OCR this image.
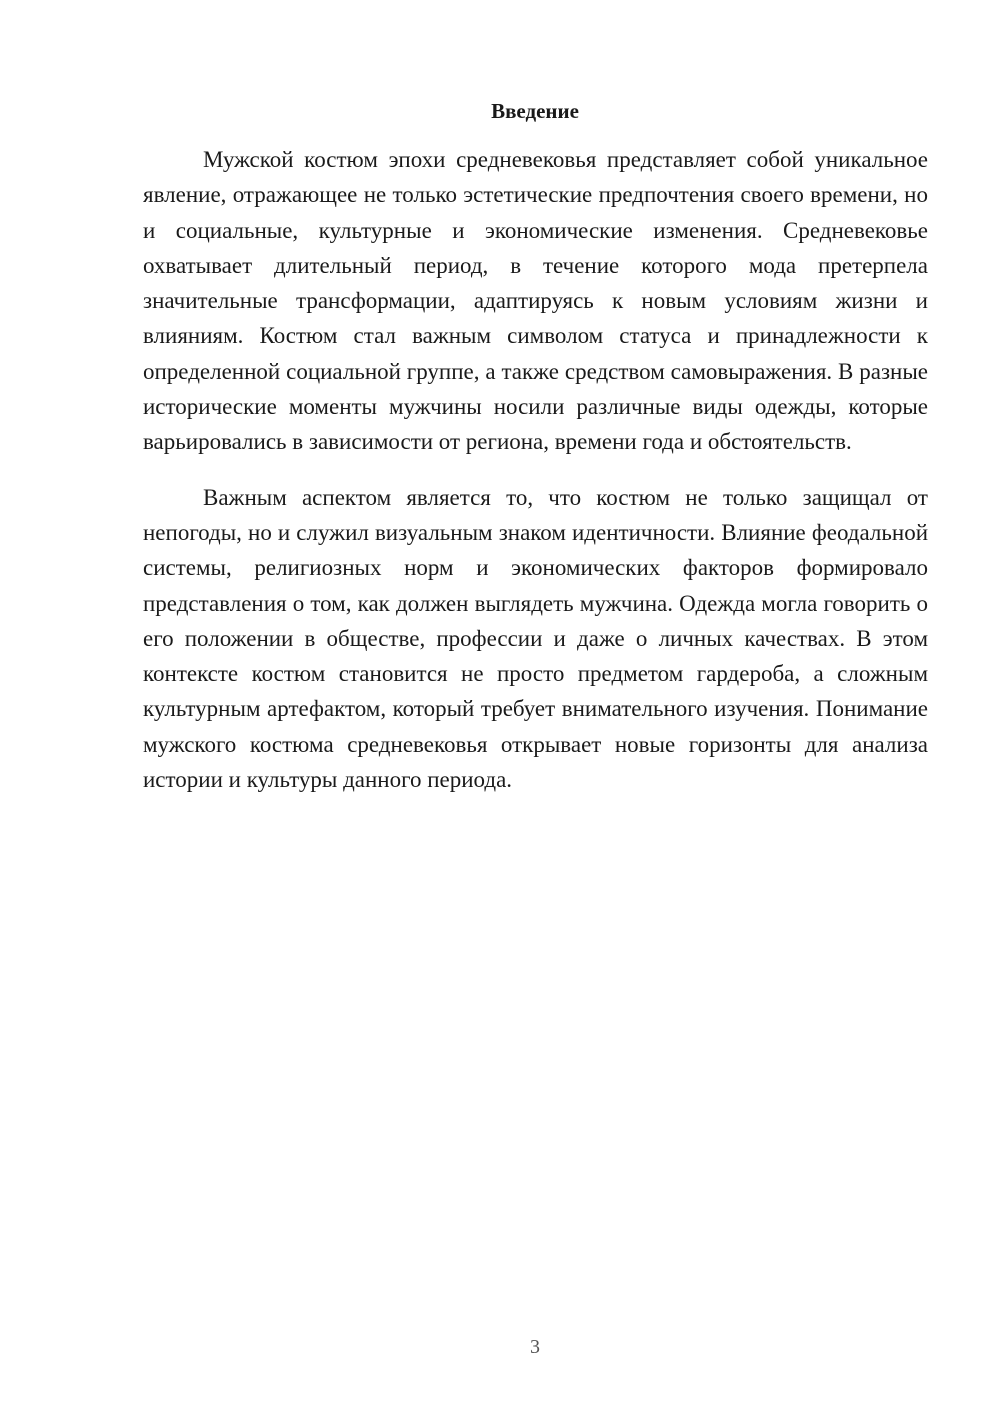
Введение

Мужской костюм эпохи средневековья представляет собой уникальное явление, отражающее не только эстетические предпочтения своего времени, но и социальные, культурные и экономические изменения. Средневековье охватывает длительный период, в течение которого мода претерпела значительные трансформации, адаптируясь к новым условиям жизни и влияниям. Костюм стал важным символом статуса и принадлежности к определенной социальной группе, а также средством самовыражения. В разные исторические моменты мужчины носили различные виды одежды, которые варьировались в зависимости от региона, времени года и обстоятельств.

Важным аспектом является то, что костюм не только защищал от непогоды, но и служил визуальным знаком идентичности. Влияние феодальной системы, религиозных норм и экономических факторов формировало представления о том, как должен выглядеть мужчина. Одежда могла говорить о его положении в обществе, профессии и даже о личных качествах. В этом контексте костюм становится не просто предметом гардероба, а сложным культурным артефактом, который требует внимательного изучения. Понимание мужского костюма средневековья открывает новые горизонты для анализа истории и культуры данного периода.

3
